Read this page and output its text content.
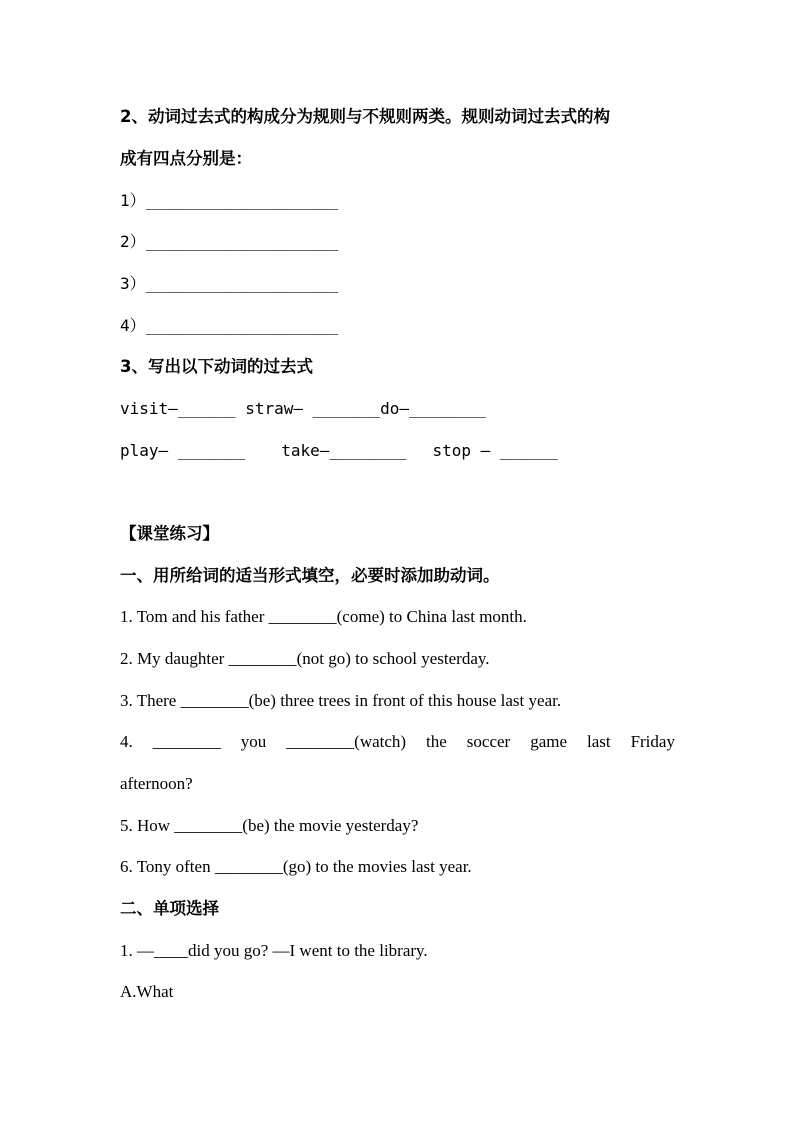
2、动词过去式的构成分为规则与不规则两类。规则动词过去式的构
成有四点分别是：
1）____________________
2）____________________
3）____________________
4）____________________
3、写出以下动词的过去式
visit—______ straw— _______do—________
play— _______ take—________ stop — ______
【课堂练习】
一、用所给词的适当形式填空，必要时添加助动词。
1. Tom and his father ________(come) to China last month.
2. My daughter ________(not go) to school yesterday.
3. There ________(be) three trees in front of this house last year.
4. ________ you ________(watch) the soccer game last Friday
afternoon?
5. How ________(be) the movie yesterday?
6. Tony often ________(go) to the movies last year.
二、单项选择
1. —____did you go? —I went to the library.
A.What
